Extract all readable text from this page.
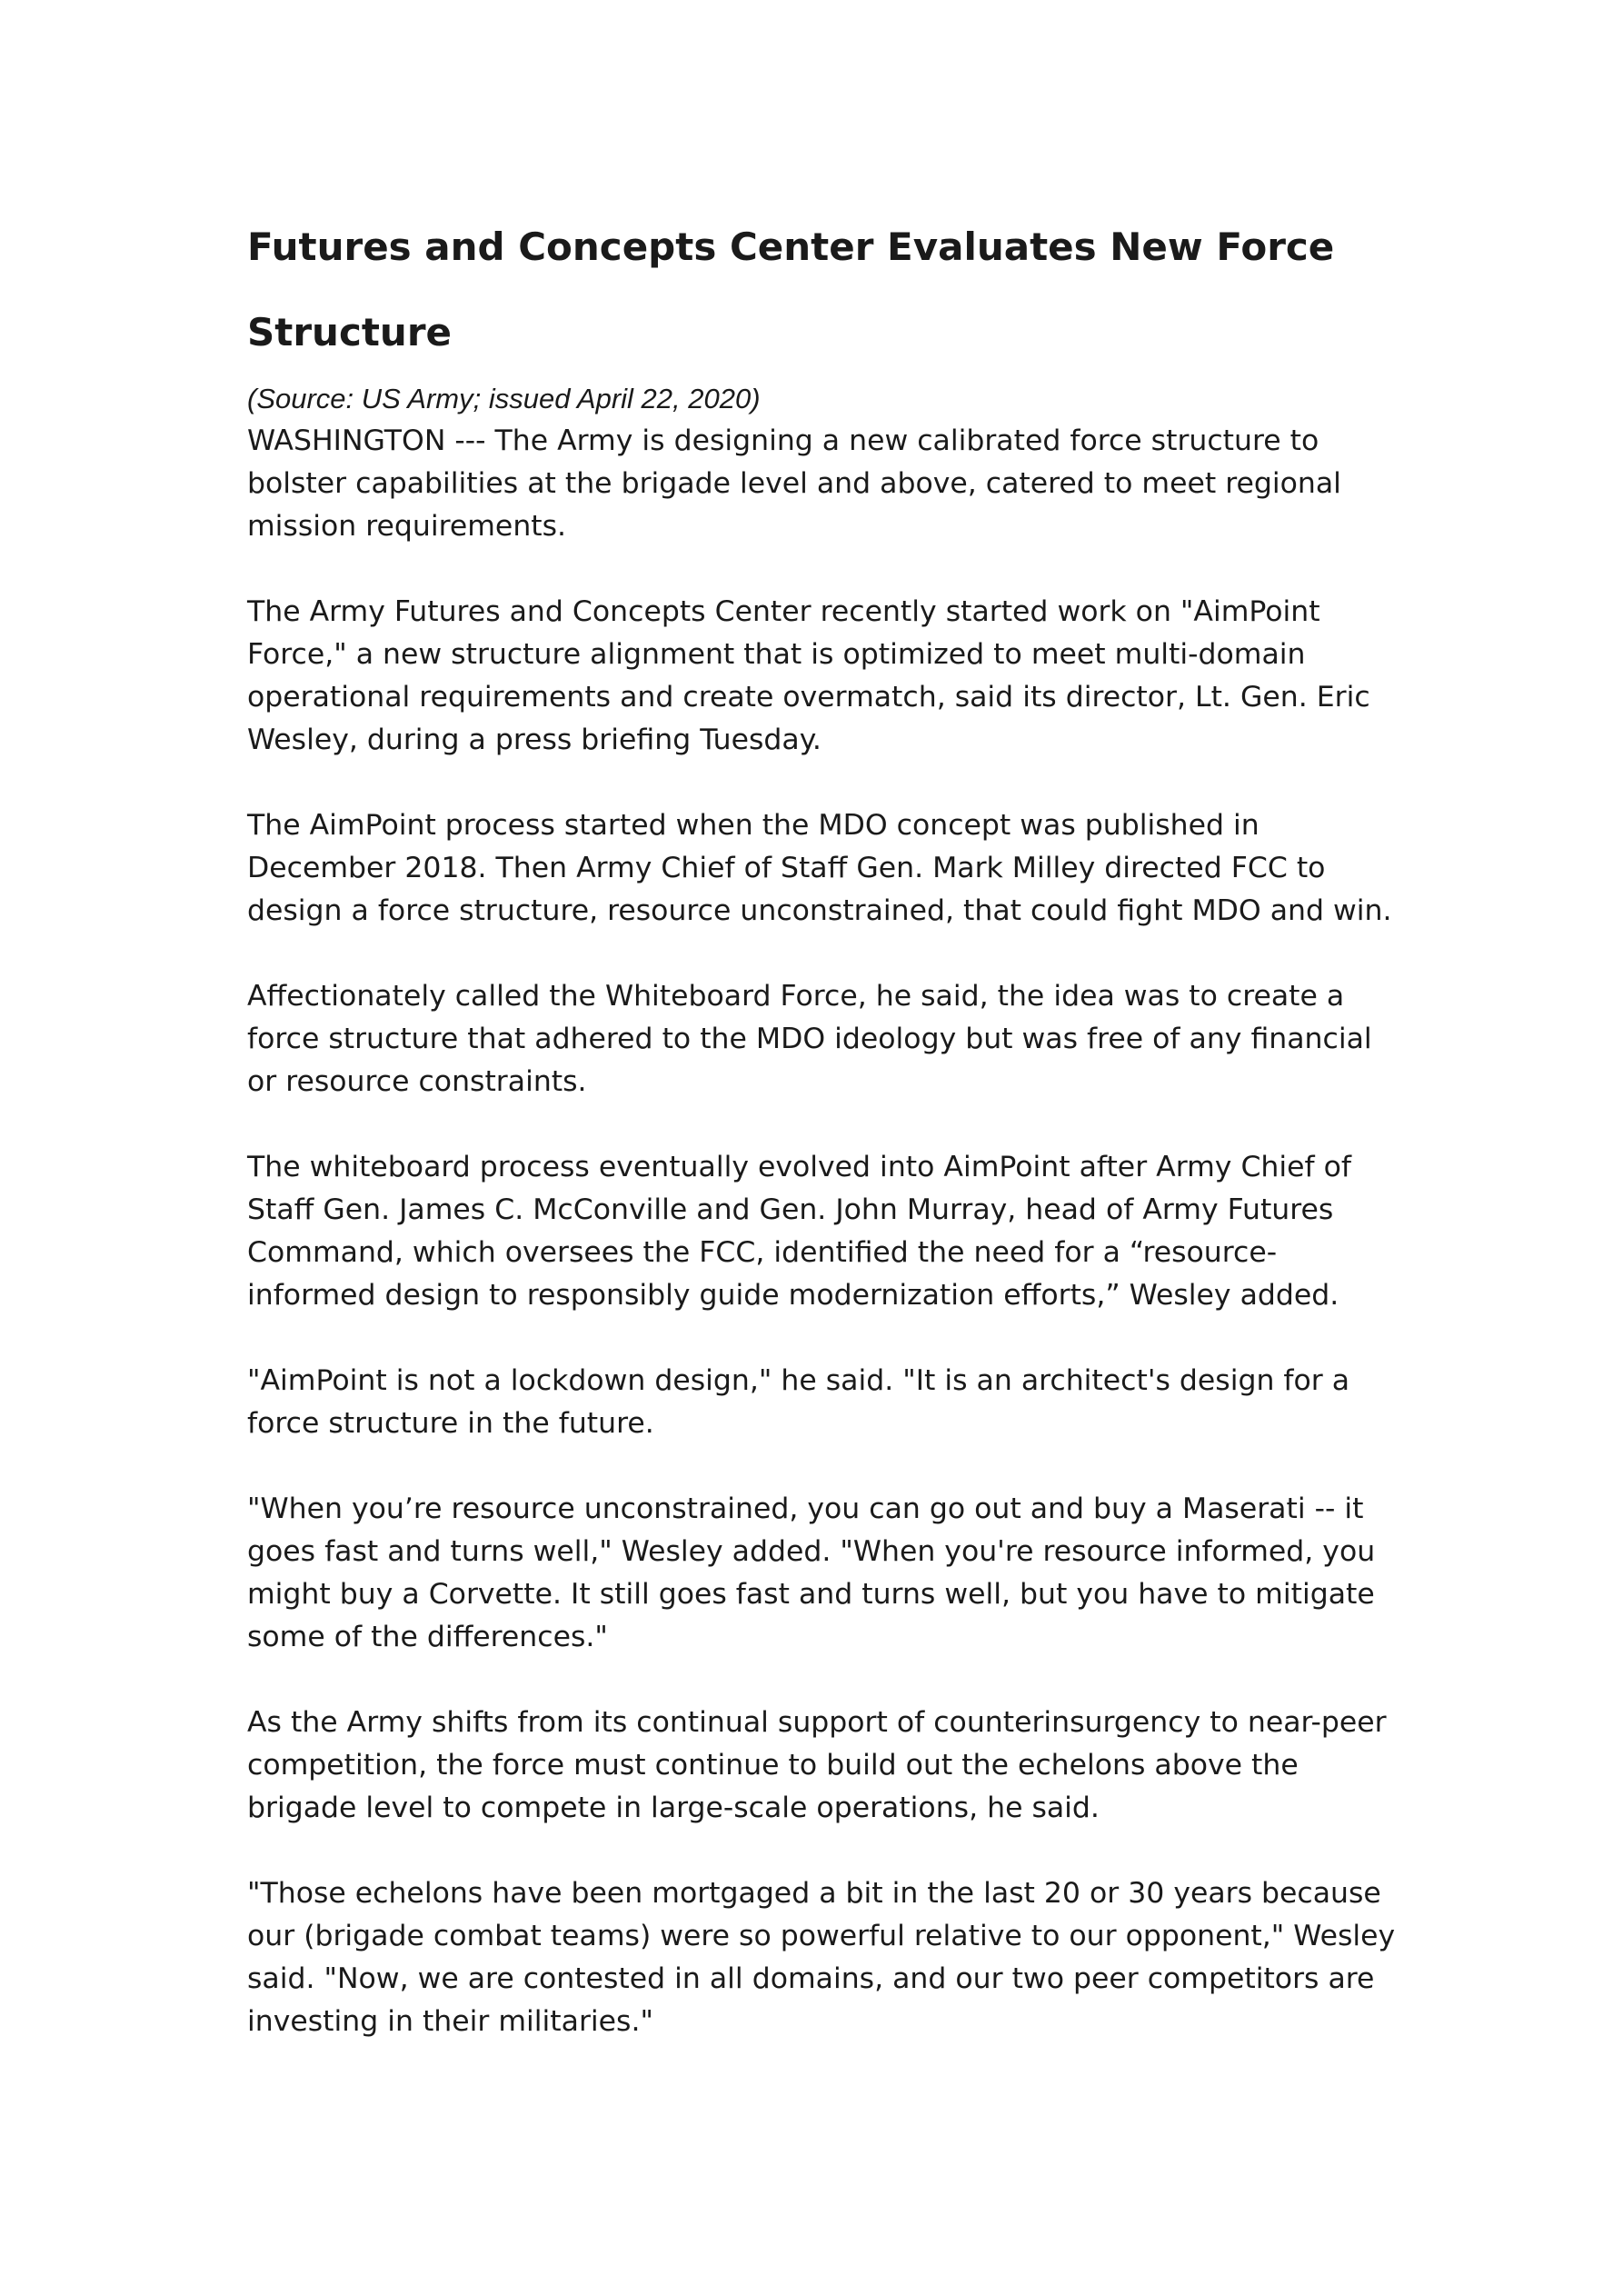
Futures and Concepts Center Evaluates New Force Structure
(Source: US Army; issued April 22, 2020)

WASHINGTON --- The Army is designing a new calibrated force structure to bolster capabilities at the brigade level and above, catered to meet regional mission requirements.

The Army Futures and Concepts Center recently started work on "AimPoint Force," a new structure alignment that is optimized to meet multi-domain operational requirements and create overmatch, said its director, Lt. Gen. Eric Wesley, during a press briefing Tuesday.

The AimPoint process started when the MDO concept was published in December 2018. Then Army Chief of Staff Gen. Mark Milley directed FCC to design a force structure, resource unconstrained, that could fight MDO and win.

Affectionately called the Whiteboard Force, he said, the idea was to create a force structure that adhered to the MDO ideology but was free of any financial or resource constraints.

The whiteboard process eventually evolved into AimPoint after Army Chief of Staff Gen. James C. McConville and Gen. John Murray, head of Army Futures Command, which oversees the FCC, identified the need for a “resource-informed design to responsibly guide modernization efforts,” Wesley added.

"AimPoint is not a lockdown design," he said. "It is an architect's design for a force structure in the future.

"When you’re resource unconstrained, you can go out and buy a Maserati -- it goes fast and turns well," Wesley added. "When you're resource informed, you might buy a Corvette. It still goes fast and turns well, but you have to mitigate some of the differences."

As the Army shifts from its continual support of counterinsurgency to near-peer competition, the force must continue to build out the echelons above the brigade level to compete in large-scale operations, he said.

"Those echelons have been mortgaged a bit in the last 20 or 30 years because our (brigade combat teams) were so powerful relative to our opponent," Wesley said. "Now, we are contested in all domains, and our two peer competitors are investing in their militaries."
